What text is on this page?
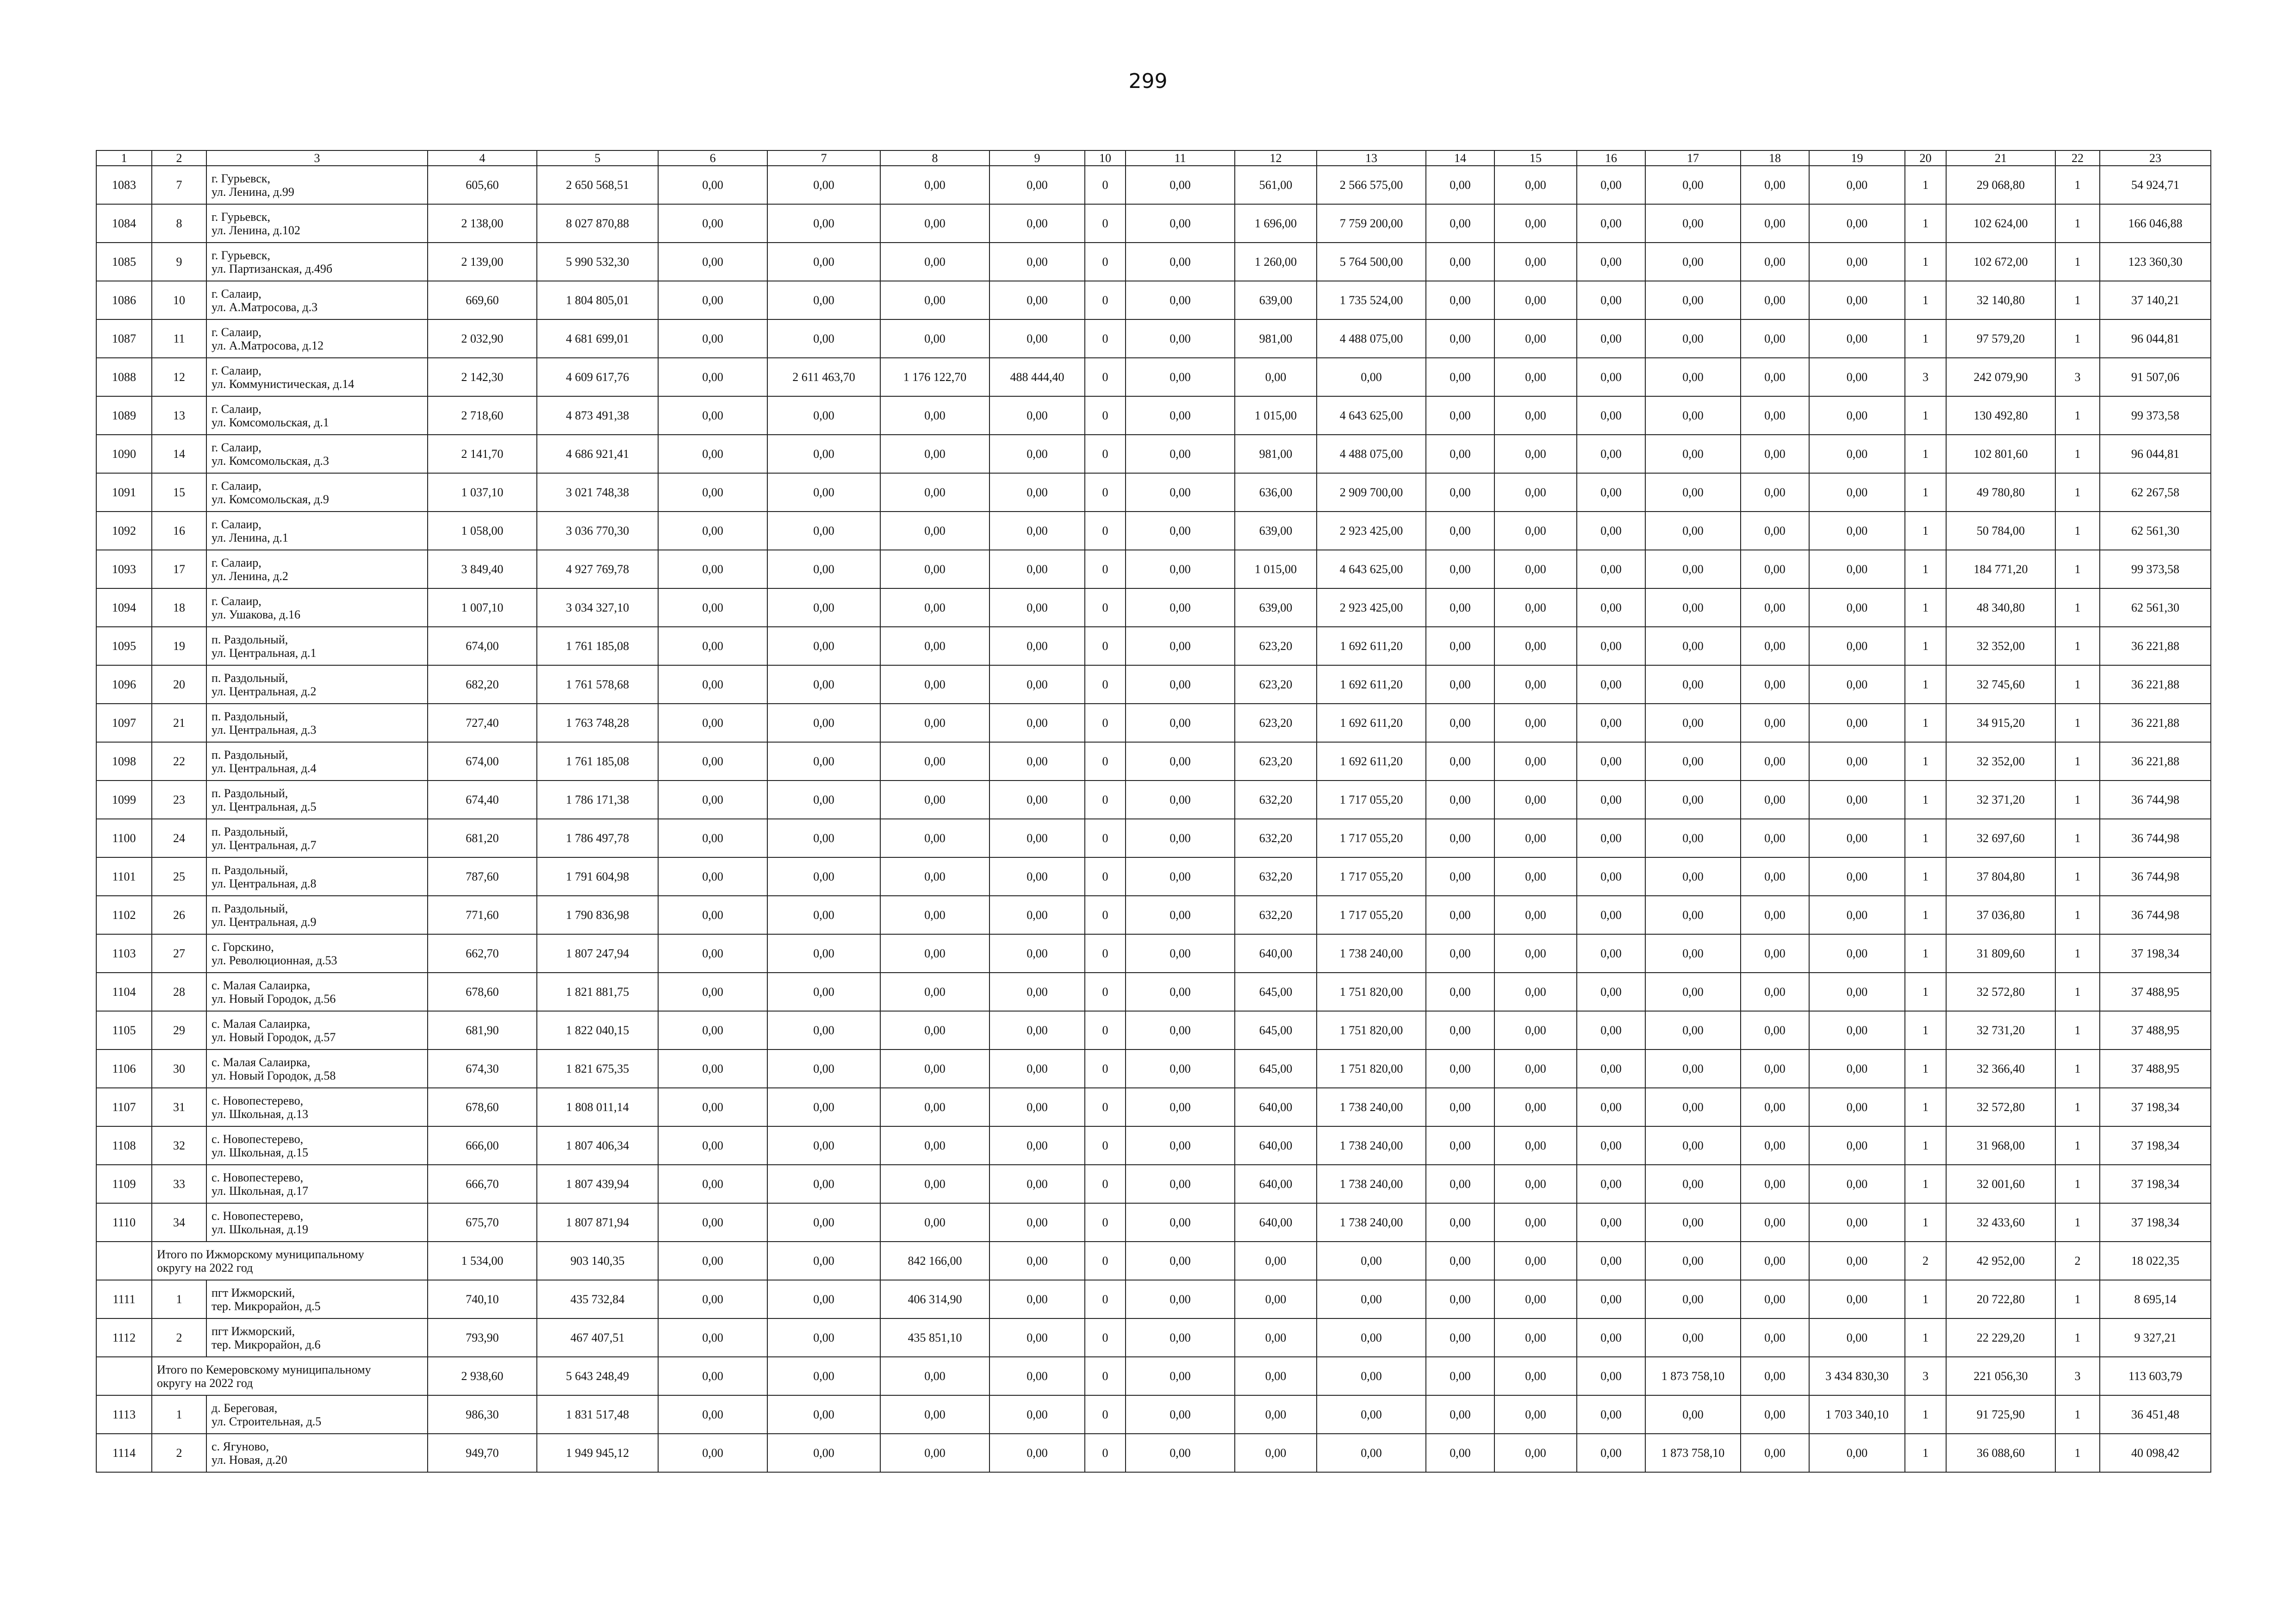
299
1	2	3	4	5	6	7	8	9	10	11	12	13	14	15	16	17	18	19	20	21	22	23
1083	7	г. Гурьевск,
ул. Ленина, д.99	605,60	2 650 568,51	0,00	0,00	0,00	0,00	0	0,00	561,00	2 566 575,00	0,00	0,00	0,00	0,00	0,00	0,00	1	29 068,80	1	54 924,71
1084	8	г. Гурьевск,
ул. Ленина, д.102	2 138,00	8 027 870,88	0,00	0,00	0,00	0,00	0	0,00	1 696,00	7 759 200,00	0,00	0,00	0,00	0,00	0,00	0,00	1	102 624,00	1	166 046,88
1085	9	г. Гурьевск,
ул. Партизанская, д.49б	2 139,00	5 990 532,30	0,00	0,00	0,00	0,00	0	0,00	1 260,00	5 764 500,00	0,00	0,00	0,00	0,00	0,00	0,00	1	102 672,00	1	123 360,30
1086	10	г. Салаир,
ул. А.Матросова, д.3	669,60	1 804 805,01	0,00	0,00	0,00	0,00	0	0,00	639,00	1 735 524,00	0,00	0,00	0,00	0,00	0,00	0,00	1	32 140,80	1	37 140,21
1087	11	г. Салаир,
ул. А.Матросова, д.12	2 032,90	4 681 699,01	0,00	0,00	0,00	0,00	0	0,00	981,00	4 488 075,00	0,00	0,00	0,00	0,00	0,00	0,00	1	97 579,20	1	96 044,81
1088	12	г. Салаир,
ул. Коммунистическая, д.14	2 142,30	4 609 617,76	0,00	2 611 463,70	1 176 122,70	488 444,40	0	0,00	0,00	0,00	0,00	0,00	0,00	0,00	0,00	0,00	3	242 079,90	3	91 507,06
1089	13	г. Салаир,
ул. Комсомольская, д.1	2 718,60	4 873 491,38	0,00	0,00	0,00	0,00	0	0,00	1 015,00	4 643 625,00	0,00	0,00	0,00	0,00	0,00	0,00	1	130 492,80	1	99 373,58
1090	14	г. Салаир,
ул. Комсомольская, д.3	2 141,70	4 686 921,41	0,00	0,00	0,00	0,00	0	0,00	981,00	4 488 075,00	0,00	0,00	0,00	0,00	0,00	0,00	1	102 801,60	1	96 044,81
1091	15	г. Салаир,
ул. Комсомольская, д.9	1 037,10	3 021 748,38	0,00	0,00	0,00	0,00	0	0,00	636,00	2 909 700,00	0,00	0,00	0,00	0,00	0,00	0,00	1	49 780,80	1	62 267,58
1092	16	г. Салаир,
ул. Ленина, д.1	1 058,00	3 036 770,30	0,00	0,00	0,00	0,00	0	0,00	639,00	2 923 425,00	0,00	0,00	0,00	0,00	0,00	0,00	1	50 784,00	1	62 561,30
1093	17	г. Салаир,
ул. Ленина, д.2	3 849,40	4 927 769,78	0,00	0,00	0,00	0,00	0	0,00	1 015,00	4 643 625,00	0,00	0,00	0,00	0,00	0,00	0,00	1	184 771,20	1	99 373,58
1094	18	г. Салаир,
ул. Ушакова, д.16	1 007,10	3 034 327,10	0,00	0,00	0,00	0,00	0	0,00	639,00	2 923 425,00	0,00	0,00	0,00	0,00	0,00	0,00	1	48 340,80	1	62 561,30
1095	19	п. Раздольный,
ул. Центральная, д.1	674,00	1 761 185,08	0,00	0,00	0,00	0,00	0	0,00	623,20	1 692 611,20	0,00	0,00	0,00	0,00	0,00	0,00	1	32 352,00	1	36 221,88
1096	20	п. Раздольный,
ул. Центральная, д.2	682,20	1 761 578,68	0,00	0,00	0,00	0,00	0	0,00	623,20	1 692 611,20	0,00	0,00	0,00	0,00	0,00	0,00	1	32 745,60	1	36 221,88
1097	21	п. Раздольный,
ул. Центральная, д.3	727,40	1 763 748,28	0,00	0,00	0,00	0,00	0	0,00	623,20	1 692 611,20	0,00	0,00	0,00	0,00	0,00	0,00	1	34 915,20	1	36 221,88
1098	22	п. Раздольный,
ул. Центральная, д.4	674,00	1 761 185,08	0,00	0,00	0,00	0,00	0	0,00	623,20	1 692 611,20	0,00	0,00	0,00	0,00	0,00	0,00	1	32 352,00	1	36 221,88
1099	23	п. Раздольный,
ул. Центральная, д.5	674,40	1 786 171,38	0,00	0,00	0,00	0,00	0	0,00	632,20	1 717 055,20	0,00	0,00	0,00	0,00	0,00	0,00	1	32 371,20	1	36 744,98
1100	24	п. Раздольный,
ул. Центральная, д.7	681,20	1 786 497,78	0,00	0,00	0,00	0,00	0	0,00	632,20	1 717 055,20	0,00	0,00	0,00	0,00	0,00	0,00	1	32 697,60	1	36 744,98
1101	25	п. Раздольный,
ул. Центральная, д.8	787,60	1 791 604,98	0,00	0,00	0,00	0,00	0	0,00	632,20	1 717 055,20	0,00	0,00	0,00	0,00	0,00	0,00	1	37 804,80	1	36 744,98
1102	26	п. Раздольный,
ул. Центральная, д.9	771,60	1 790 836,98	0,00	0,00	0,00	0,00	0	0,00	632,20	1 717 055,20	0,00	0,00	0,00	0,00	0,00	0,00	1	37 036,80	1	36 744,98
1103	27	с. Горскино,
ул. Революционная, д.53	662,70	1 807 247,94	0,00	0,00	0,00	0,00	0	0,00	640,00	1 738 240,00	0,00	0,00	0,00	0,00	0,00	0,00	1	31 809,60	1	37 198,34
1104	28	с. Малая Салаирка,
ул. Новый Городок, д.56	678,60	1 821 881,75	0,00	0,00	0,00	0,00	0	0,00	645,00	1 751 820,00	0,00	0,00	0,00	0,00	0,00	0,00	1	32 572,80	1	37 488,95
1105	29	с. Малая Салаирка,
ул. Новый Городок, д.57	681,90	1 822 040,15	0,00	0,00	0,00	0,00	0	0,00	645,00	1 751 820,00	0,00	0,00	0,00	0,00	0,00	0,00	1	32 731,20	1	37 488,95
1106	30	с. Малая Салаирка,
ул. Новый Городок, д.58	674,30	1 821 675,35	0,00	0,00	0,00	0,00	0	0,00	645,00	1 751 820,00	0,00	0,00	0,00	0,00	0,00	0,00	1	32 366,40	1	37 488,95
1107	31	с. Новопестерево,
ул. Школьная, д.13	678,60	1 808 011,14	0,00	0,00	0,00	0,00	0	0,00	640,00	1 738 240,00	0,00	0,00	0,00	0,00	0,00	0,00	1	32 572,80	1	37 198,34
1108	32	с. Новопестерево,
ул. Школьная, д.15	666,00	1 807 406,34	0,00	0,00	0,00	0,00	0	0,00	640,00	1 738 240,00	0,00	0,00	0,00	0,00	0,00	0,00	1	31 968,00	1	37 198,34
1109	33	с. Новопестерево,
ул. Школьная, д.17	666,70	1 807 439,94	0,00	0,00	0,00	0,00	0	0,00	640,00	1 738 240,00	0,00	0,00	0,00	0,00	0,00	0,00	1	32 001,60	1	37 198,34
1110	34	с. Новопестерево,
ул. Школьная, д.19	675,70	1 807 871,94	0,00	0,00	0,00	0,00	0	0,00	640,00	1 738 240,00	0,00	0,00	0,00	0,00	0,00	0,00	1	32 433,60	1	37 198,34

	Итого по Ижморскому муниципальному
округу на 2022 год		1 534,00	903 140,35	0,00	0,00	842 166,00	0,00	0	0,00	0,00	0,00	0,00	0,00	0,00	0,00	0,00	0,00	2	42 952,00	2	18 022,35
1111	1	пгт Ижморский,
тер. Микрорайон, д.5	740,10	435 732,84	0,00	0,00	406 314,90	0,00	0	0,00	0,00	0,00	0,00	0,00	0,00	0,00	0,00	0,00	1	20 722,80	1	8 695,14
1112	2	пгт Ижморский,
тер. Микрорайон, д.6	793,90	467 407,51	0,00	0,00	435 851,10	0,00	0	0,00	0,00	0,00	0,00	0,00	0,00	0,00	0,00	0,00	1	22 229,20	1	9 327,21

	Итого по Кемеровскому муниципальному
округу на 2022 год		2 938,60	5 643 248,49	0,00	0,00	0,00	0,00	0	0,00	0,00	0,00	0,00	0,00	0,00	1 873 758,10	0,00	3 434 830,30	3	221 056,30	3	113 603,79
1113	1	д. Береговая,
ул. Строительная, д.5	986,30	1 831 517,48	0,00	0,00	0,00	0,00	0	0,00	0,00	0,00	0,00	0,00	0,00	0,00	0,00	1 703 340,10	1	91 725,90	1	36 451,48
1114	2	с. Ягуново,
ул. Новая, д.20	949,70	1 949 945,12	0,00	0,00	0,00	0,00	0	0,00	0,00	0,00	0,00	0,00	0,00	1 873 758,10	0,00	0,00	1	36 088,60	1	40 098,42
